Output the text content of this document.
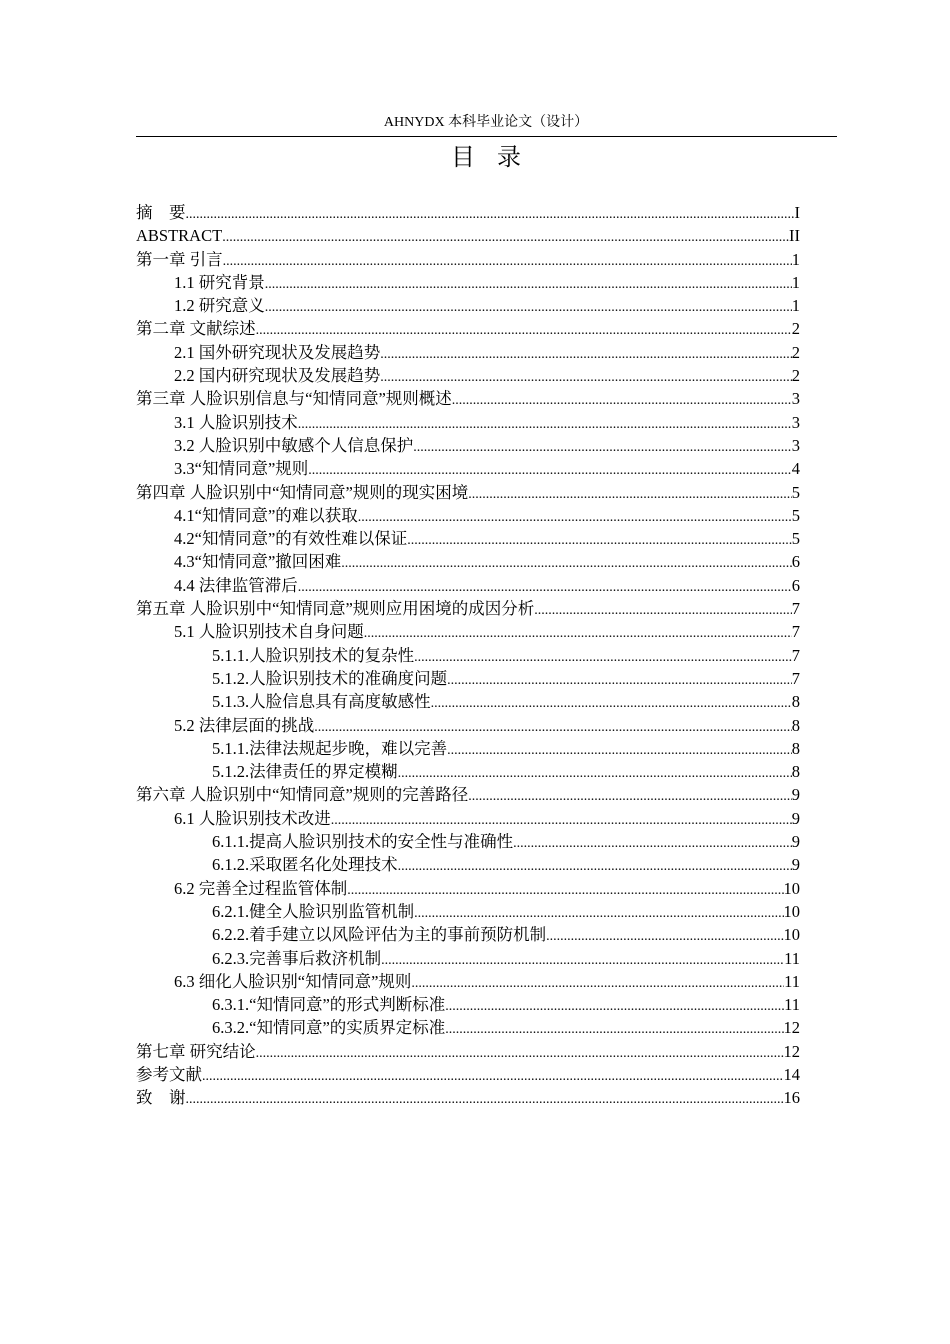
AHNYDX 本科毕业论文（设计）
目录
摘　要 .....	I
ABSTRACT .....	II
第一章 引言 .....	1
1.1 研究背景 .....	1
1.2 研究意义 .....	1
第二章 文献综述 .....	2
2.1 国外研究现状及发展趋势 .....	2
2.2 国内研究现状及发展趋势 .....	2
第三章 人脸识别信息与“知情同意”规则概述 .....	3
3.1 人脸识别技术 .....	3
3.2 人脸识别中敏感个人信息保护 .....	3
3.3“知情同意”规则 .....	4
第四章 人脸识别中“知情同意”规则的现实困境 .....	5
4.1“知情同意”的难以获取 .....	5
4.2“知情同意”的有效性难以保证 .....	5
4.3“知情同意”撤回困难 .....	6
4.4 法律监管滞后 .....	6
第五章 人脸识别中“知情同意”规则应用困境的成因分析 .....	7
5.1 人脸识别技术自身问题 .....	7
5.1.1.人脸识别技术的复杂性 .....	7
5.1.2.人脸识别技术的准确度问题 .....	7
5.1.3.人脸信息具有高度敏感性 .....	8
5.2 法律层面的挑战 .....	8
5.1.1.法律法规起步晚，难以完善 .....	8
5.1.2.法律责任的界定模糊 .....	8
第六章 人脸识别中“知情同意”规则的完善路径 .....	9
6.1 人脸识别技术改进 .....	9
6.1.1.提高人脸识别技术的安全性与准确性 .....	9
6.1.2.采取匿名化处理技术 .....	9
6.2 完善全过程监管体制 .....	10
6.2.1.健全人脸识别监管机制 .....	10
6.2.2.着手建立以风险评估为主的事前预防机制 .....	10
6.2.3.完善事后救济机制 .....	11
6.3 细化人脸识别“知情同意”规则 .....	11
6.3.1.“知情同意”的形式判断标准 .....	11
6.3.2.“知情同意”的实质界定标准 .....	12
第七章 研究结论 .....	12
参考文献 .....	14
致　谢 .....	16
